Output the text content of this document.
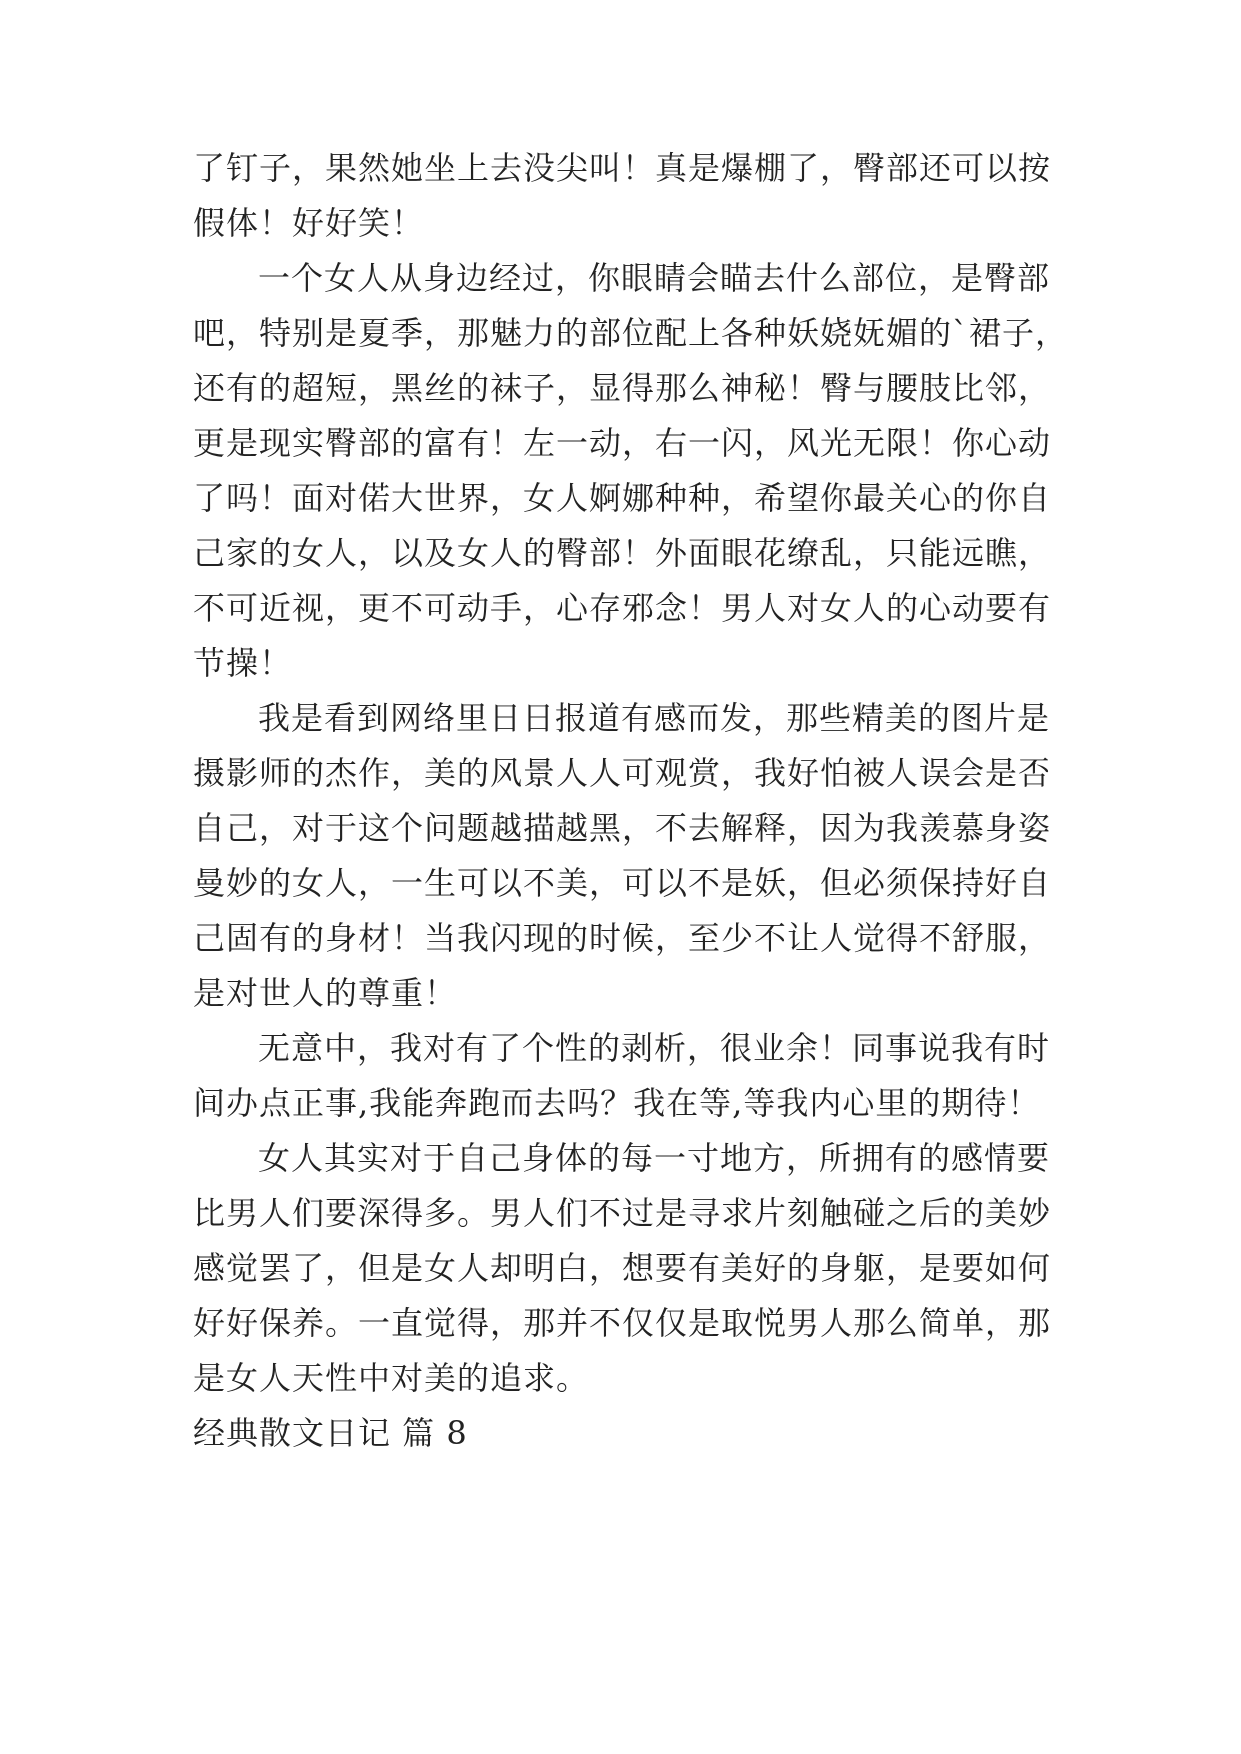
了钉子，果然她坐上去没尖叫！真是爆棚了，臀部还可以按
假体！好好笑！
一个女人从身边经过，你眼睛会瞄去什么部位，是臀部
吧，特别是夏季，那魅力的部位配上各种妖娆妩媚的`裙子，
还有的超短，黑丝的袜子，显得那么神秘！臀与腰肢比邻，
更是现实臀部的富有！左一动，右一闪，风光无限！你心动
了吗！面对偌大世界，女人婀娜种种，希望你最关心的你自
己家的女人，以及女人的臀部！外面眼花缭乱，只能远瞧，
不可近视，更不可动手，心存邪念！男人对女人的心动要有
节操！
我是看到网络里日日报道有感而发，那些精美的图片是
摄影师的杰作，美的风景人人可观赏，我好怕被人误会是否
自己，对于这个问题越描越黑，不去解释，因为我羡慕身姿
曼妙的女人，一生可以不美，可以不是妖，但必须保持好自
己固有的身材！当我闪现的时候，至少不让人觉得不舒服，
是对世人的尊重！
无意中，我对有了个性的剥析，很业余！同事说我有时
间办点正事,我能奔跑而去吗？我在等,等我内心里的期待！
女人其实对于自己身体的每一寸地方，所拥有的感情要
比男人们要深得多。男人们不过是寻求片刻触碰之后的美妙
感觉罢了，但是女人却明白，想要有美好的身躯，是要如何
好好保养。一直觉得，那并不仅仅是取悦男人那么简单，那
是女人天性中对美的追求。
经典散文日记 篇 8
